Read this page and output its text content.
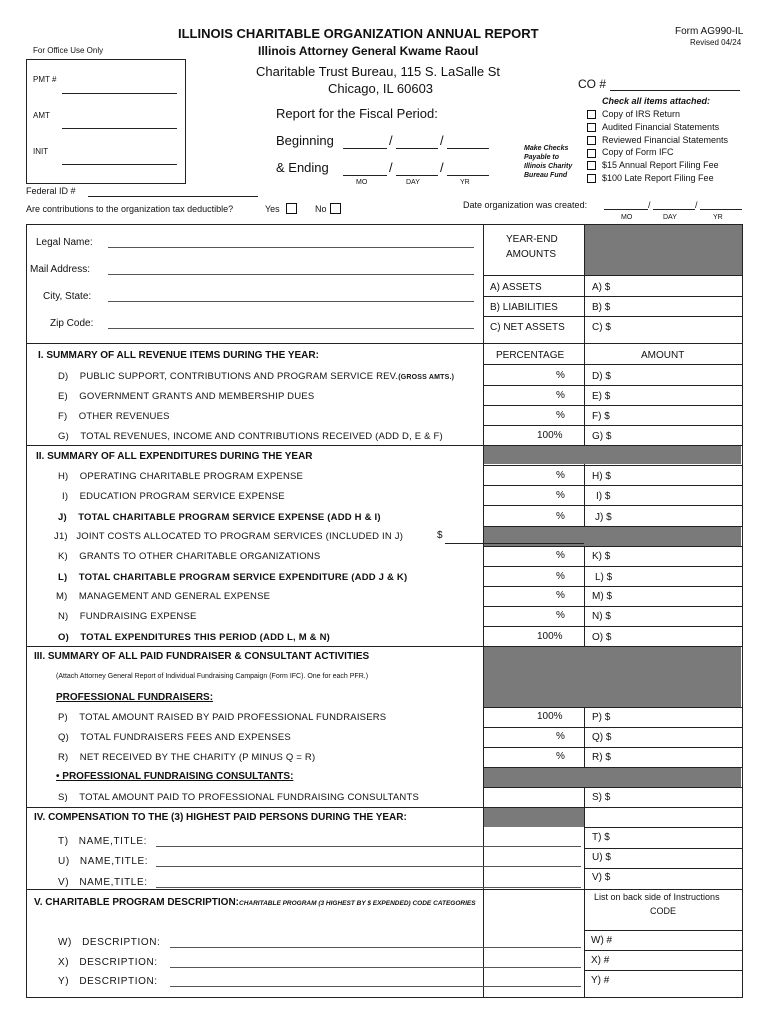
ILLINOIS CHARITABLE ORGANIZATION ANNUAL REPORT	Form AG990-IL
Revised 04/24
For Office Use Only	Illinois Attorney General Kwame Raoul
Charitable Trust Bureau, 115 S. LaSalle St
Chicago, IL 60603
PMT #
AMT
INIT
Report for the Fiscal Period:
Beginning	/	/
& Ending	/	/
MO	DAY	YR
Make Checks
Payable to
Illinois Charity
Bureau Fund
CO #
Check all items attached:
Copy of IRS Return
Audited Financial Statements
Reviewed Financial Statements
Copy of Form IFC
$15 Annual Report Filing Fee
$100 Late Report Filing Fee
Federal ID #
Are contributions to the organization tax deductible?	Yes	No	Date organization was created:	/	/
MO	DAY	YR
Legal Name:
Mail Address:
City, State:
Zip Code:
YEAR-END
AMOUNTS
A) ASSETS	A) $
B) LIABILITIES	B) $
C) NET ASSETS	C) $
I. SUMMARY OF ALL REVENUE ITEMS DURING THE YEAR:	PERCENTAGE	AMOUNT
D) PUBLIC SUPPORT, CONTRIBUTIONS AND PROGRAM SERVICE REV.(GROSS AMTS.)	%	D) $
E) GOVERNMENT GRANTS AND MEMBERSHIP DUES	%	E) $
F) OTHER REVENUES	%	F) $
G) TOTAL REVENUES, INCOME AND CONTRIBUTIONS RECEIVED (ADD D, E & F)	100%	G) $
II. SUMMARY OF ALL EXPENDITURES DURING THE YEAR
H) OPERATING CHARITABLE PROGRAM EXPENSE	%	H) $
I) EDUCATION PROGRAM SERVICE EXPENSE	%	I) $
J) TOTAL CHARITABLE PROGRAM SERVICE EXPENSE (ADD H & I)	%	J) $
J1) JOINT COSTS ALLOCATED TO PROGRAM SERVICES (INCLUDED IN J)	$
K) GRANTS TO OTHER CHARITABLE ORGANIZATIONS	%	K) $
L) TOTAL CHARITABLE PROGRAM SERVICE EXPENDITURE (ADD J & K)	%	L) $
M) MANAGEMENT AND GENERAL EXPENSE	%	M) $
N) FUNDRAISING EXPENSE	%	N) $
O) TOTAL EXPENDITURES THIS PERIOD (ADD L, M & N)	100%	O) $
III. SUMMARY OF ALL PAID FUNDRAISER & CONSULTANT ACTIVITIES
(Attach Attorney General Report of Individual Fundraising Campaign (Form IFC). One for each PFR.)
PROFESSIONAL FUNDRAISERS:
P) TOTAL AMOUNT RAISED BY PAID PROFESSIONAL FUNDRAISERS	100%	P) $
Q) TOTAL FUNDRAISERS FEES AND EXPENSES	%	Q) $
R) NET RECEIVED BY THE CHARITY (P MINUS Q = R)	%	R) $
• PROFESSIONAL FUNDRAISING CONSULTANTS:
S) TOTAL AMOUNT PAID TO PROFESSIONAL FUNDRAISING CONSULTANTS	S) $
IV. COMPENSATION TO THE (3) HIGHEST PAID PERSONS DURING THE YEAR:
T) NAME,TITLE:	T) $
U) NAME,TITLE:	U) $
V) NAME,TITLE:	V) $
V. CHARITABLE PROGRAM DESCRIPTION:CHARITABLE PROGRAM (3 HIGHEST BY $ EXPENDED) CODE CATEGORIES
List on back side of Instructions
CODE
W) DESCRIPTION:	W) #
X) DESCRIPTION:	X) #
Y) DESCRIPTION:	Y) #
